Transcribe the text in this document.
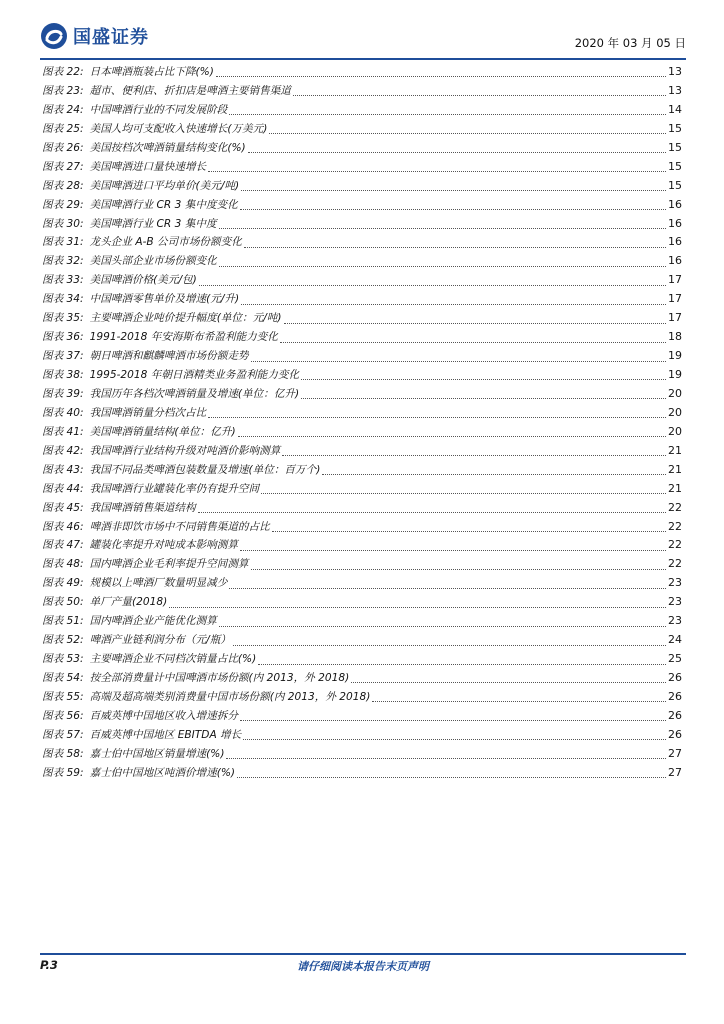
国盛证券	2020 年 03 月 05 日
图表 22: 日本啤酒瓶装占比下降(%)	13
图表 23: 超市、便利店、折扣店是啤酒主要销售渠道	13
图表 24: 中国啤酒行业的不同发展阶段	14
图表 25: 美国人均可支配收入快速增长(万美元)	15
图表 26: 美国按档次啤酒销量结构变化(%)	15
图表 27: 美国啤酒进口量快速增长	15
图表 28: 美国啤酒进口平均单价(美元/吨)	15
图表 29: 美国啤酒行业 CR 3 集中度变化	16
图表 30: 美国啤酒行业 CR 3 集中度	16
图表 31: 龙头企业 A-B 公司市场份额变化	16
图表 32: 美国头部企业市场份额变化	16
图表 33: 美国啤酒价格(美元/包)	17
图表 34: 中国啤酒零售单价及增速(元/升)	17
图表 35: 主要啤酒企业吨价提升幅度(单位：元/吨)	17
图表 36: 1991-2018 年安海斯布希盈利能力变化	18
图表 37: 朝日啤酒和麒麟啤酒市场份额走势	19
图表 38: 1995-2018 年朝日酒精类业务盈利能力变化	19
图表 39: 我国历年各档次啤酒销量及增速(单位：亿升)	20
图表 40: 我国啤酒销量分档次占比	20
图表 41: 美国啤酒销量结构(单位：亿升)	20
图表 42: 我国啤酒行业结构升级对吨酒价影响测算	21
图表 43: 我国不同品类啤酒包装数量及增速(单位：百万个)	21
图表 44: 我国啤酒行业罐装化率仍有提升空间	21
图表 45: 我国啤酒销售渠道结构	22
图表 46: 啤酒非即饮市场中不同销售渠道的占比	22
图表 47: 罐装化率提升对吨成本影响测算	22
图表 48: 国内啤酒企业毛利率提升空间测算	22
图表 49: 规模以上啤酒厂数量明显减少	23
图表 50: 单厂产量(2018)	23
图表 51: 国内啤酒企业产能优化测算	23
图表 52: 啤酒产业链利润分布（元/瓶）	24
图表 53: 主要啤酒企业不同档次销量占比(%)	25
图表 54: 按全部消费量计中国啤酒市场份额(内 2013，外 2018)	26
图表 55: 高端及超高端类别消费量中国市场份额(内 2013，外 2018)	26
图表 56: 百威英博中国地区收入增速拆分	26
图表 57: 百威英博中国地区 EBITDA 增长	26
图表 58: 嘉士伯中国地区销量增速(%)	27
图表 59: 嘉士伯中国地区吨酒价增速(%)	27
P.3	请仔细阅读本报告末页声明
